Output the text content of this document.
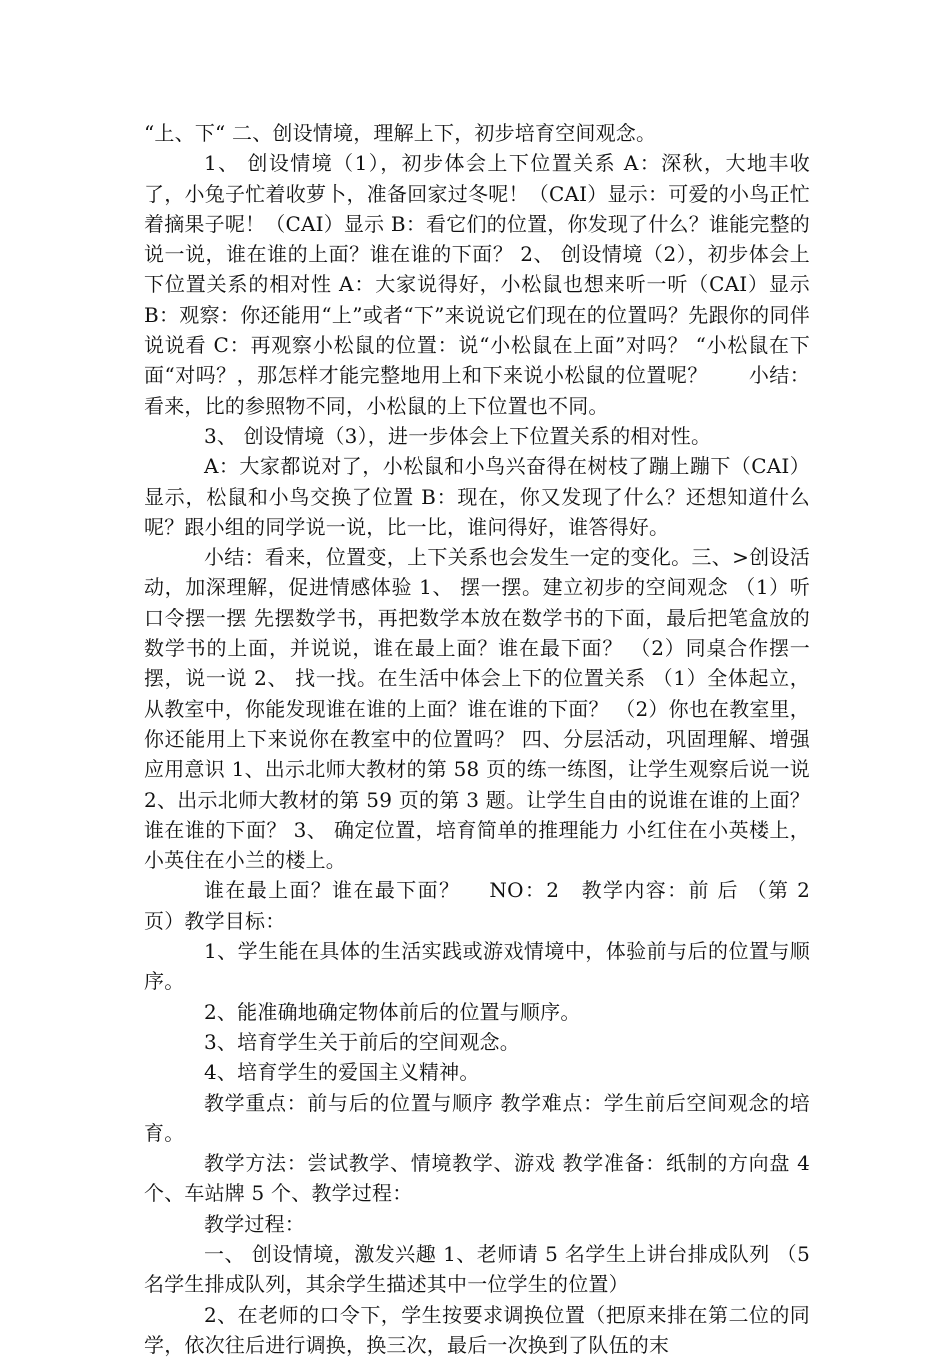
“上、下“ 二、创设情境，理解上下，初步培育空间观念。

1、 创设情境（1），初步体会上下位置关系 A：深秋，大地丰收了，小兔子忙着收萝卜，准备回家过冬呢！（CAI）显示：可爱的小鸟正忙着摘果子呢！（CAI）显示 B：看它们的位置，你发现了什么？谁能完整的说一说，谁在谁的上面？谁在谁的下面？ 2、 创设情境（2），初步体会上下位置关系的相对性 A：大家说得好，小松鼠也想来听一听（CAI）显示 B：观察：你还能用“上”或者“下”来说说它们现在的位置吗？先跟你的同伴说说看 C：再观察小松鼠的位置：说“小松鼠在上面”对吗？ “小松鼠在下面“对吗？，那怎样才能完整地用上和下来说小松鼠的位置呢？　　小结：看来，比的参照物不同，小松鼠的上下位置也不同。

3、 创设情境（3），进一步体会上下位置关系的相对性。

A：大家都说对了，小松鼠和小鸟兴奋得在树枝了蹦上蹦下（CAI）显示，松鼠和小鸟交换了位置 B：现在，你又发现了什么？还想知道什么呢？跟小组的同学说一说，比一比，谁问得好，谁答得好。

小结：看来，位置变，上下关系也会发生一定的变化。三、>创设活动，加深理解，促进情感体验 1、 摆一摆。建立初步的空间观念 （1）听口令摆一摆 先摆数学书，再把数学本放在数学书的下面，最后把笔盒放的数学书的上面，并说说，谁在最上面？谁在最下面？ （2）同桌合作摆一摆，说一说 2、 找一找。在生活中体会上下的位置关系 （1）全体起立，从教室中，你能发现谁在谁的上面？谁在谁的下面？ （2）你也在教室里，你还能用上下来说你在教室中的位置吗？ 四、分层活动，巩固理解、增强应用意识 1、出示北师大教材的第 58 页的练一练图，让学生观察后说一说 2、出示北师大教材的第 59 页的第 3 题。让学生自由的说谁在谁的上面？谁在谁的下面？ 3、 确定位置，培育简单的推理能力 小红住在小英楼上， 小英住在小兰的楼上。

谁在最上面？谁在最下面？　 NO：2　教学内容：前 后 （第 2 页）教学目标：

1、学生能在具体的生活实践或游戏情境中，体验前与后的位置与顺序。

2、能准确地确定物体前后的位置与顺序。

3、培育学生关于前后的空间观念。

4、培育学生的爱国主义精神。

教学重点：前与后的位置与顺序 教学难点：学生前后空间观念的培育。

教学方法：尝试教学、情境教学、游戏 教学准备：纸制的方向盘 4 个、车站牌 5 个、教学过程：

教学过程：

一、 创设情境，激发兴趣 1、老师请 5 名学生上讲台排成队列 （5 名学生排成队列，其余学生描述其中一位学生的位置）

2、在老师的口令下，学生按要求调换位置（把原来排在第二位的同学，依次往后进行调换，换三次，最后一次换到了队伍的末
